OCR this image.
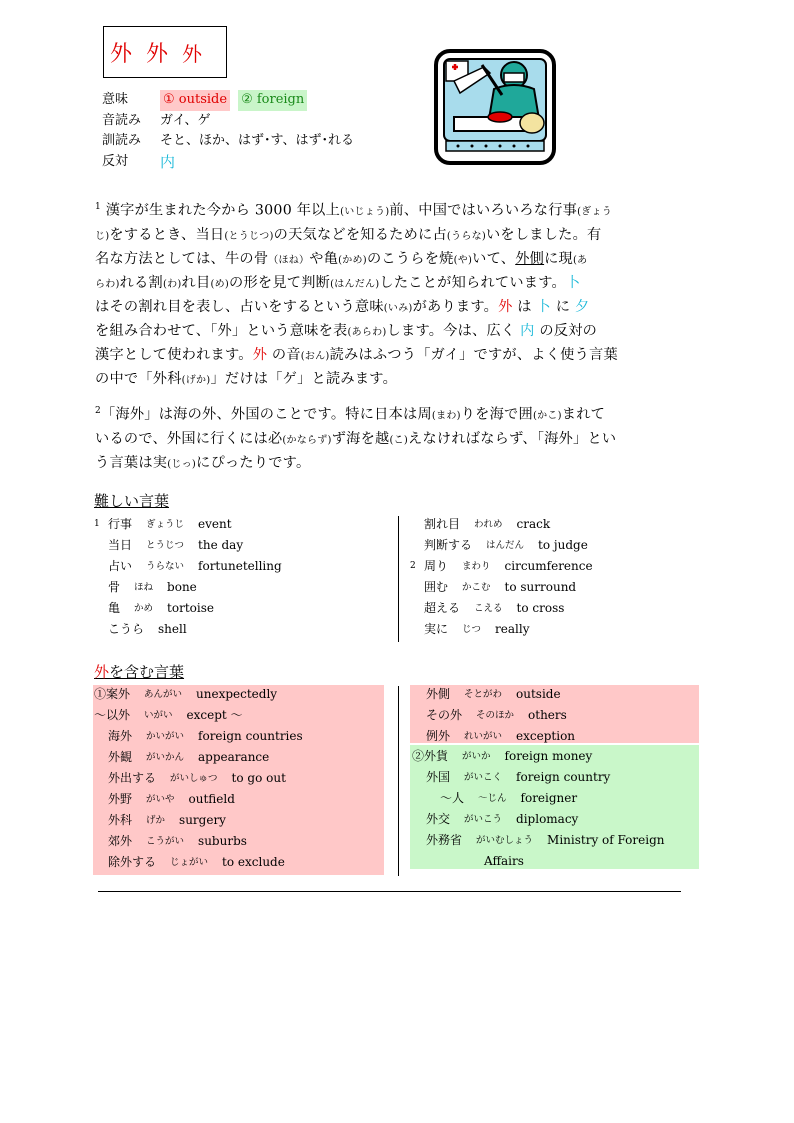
外 外 外
意味	① outside ② foreign
音読み	ガイ、ゲ
訓読み	そと、ほか、はず･す、はず･れる
反対	内
$^1$ 漢字が生まれた今から 3000 年以上(いじょう)前、中国ではいろいろな行事(ぎょう
じ)をするとき、当日(とうじつ)の天気などを知るために占(うらな)いをしました。有
名な方法としては、牛の骨（ほね）や亀(かめ)のこうらを焼(や)いて、外側に現(あ
らわ)れる割(わ)れ目(め)の形を見て判断(はんだん)したことが知られています。卜
はその割れ目を表し、占いをするという意味(いみ)があります。外 は 卜 に 夕
を組み合わせて、「外」という意味を表(あらわ)します。今は、広く 内 の反対の
漢字として使われます。外 の音(おん)読みはふつう「ガイ」ですが、よく使う言葉
の中で「外科(げか)」だけは「ゲ」と読みます。
$^2$「海外」は海の外、外国のことです。特に日本は周(まわ)りを海で囲(かこ)まれて
いるので、外国に行くには必(かならず)ず海を越(こ)えなければならず、「海外」とい
う言葉は実(じっ)にぴったりです。
難しい言葉
1 行事 ぎょうじ event
当日 とうじつ the day
占い うらない fortunetelling
骨 ほね bone
亀 かめ tortoise
こうら shell
割れ目 われめ crack
判断する はんだん to judge
2 周り まわり circumference
囲む かこむ to surround
超える こえる to cross
実に じつ really
外を含む言葉
①案外 あんがい unexpectedly
～以外 いがい except ～
海外 かいがい foreign countries
外観 がいかん appearance
外出する がいしゅつ to go out
外野 がいや outfield
外科 げか surgery
郊外 こうがい suburbs
除外する じょがい to exclude
外側 そとがわ outside
その外 そのほか others
例外 れいがい exception
②外貨 がいか foreign money
外国 がいこく foreign country
～人 ～じん foreigner
外交 がいこう diplomacy
外務省 がいむしょう Ministry of Foreign
Affairs
